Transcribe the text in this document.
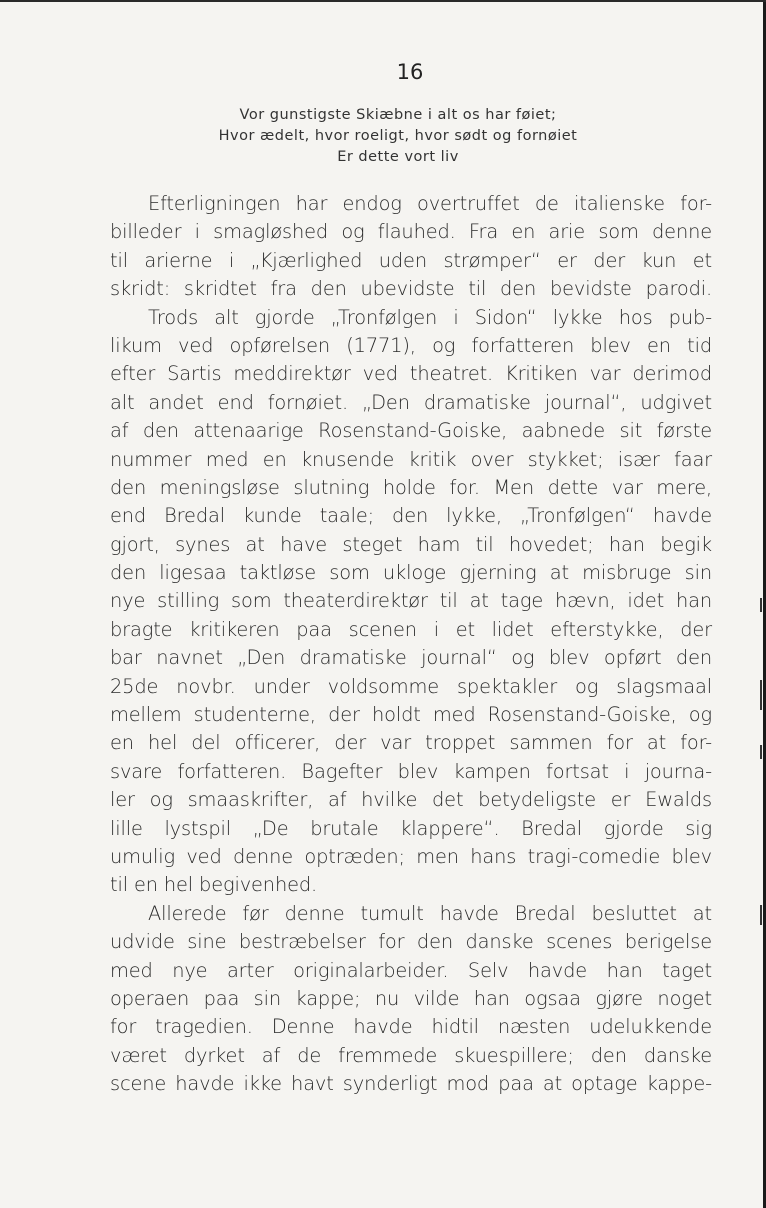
16
Vor gunstigste Skiæbne i alt os har føiet;
Hvor ædelt, hvor roeligt, hvor sødt og fornøiet
Er dette vort liv
Efterligningen har endog overtruffet de italienske for-
billeder i smagløshed og flauhed. Fra en arie som denne
til arierne i „Kjærlighed uden strømper“ er der kun et
skridt: skridtet fra den ubevidste til den bevidste parodi.
Trods alt gjorde „Tronfølgen i Sidon“ lykke hos pub-
likum ved opførelsen (1771), og forfatteren blev en tid
efter Sartis meddirektør ved theatret. Kritiken var derimod
alt andet end fornøiet. „Den dramatiske journal“, udgivet
af den attenaarige Rosenstand-Goiske, aabnede sit første
nummer med en knusende kritik over stykket; især faar
den meningsløse slutning holde for. Men dette var mere,
end Bredal kunde taale; den lykke, „Tronfølgen“ havde
gjort, synes at have steget ham til hovedet; han begik
den ligesaa taktløse som ukloge gjerning at misbruge sin
nye stilling som theaterdirektør til at tage hævn, idet han
bragte kritikeren paa scenen i et lidet efterstykke, der
bar navnet „Den dramatiske journal“ og blev opført den
25de novbr. under voldsomme spektakler og slagsmaal
mellem studenterne, der holdt med Rosenstand-Goiske, og
en hel del officerer, der var troppet sammen for at for-
svare forfatteren. Bagefter blev kampen fortsat i journa-
ler og smaaskrifter, af hvilke det betydeligste er Ewalds
lille lystspil „De brutale klappere“. Bredal gjorde sig
umulig ved denne optræden; men hans tragi-comedie blev
til en hel begivenhed.
Allerede før denne tumult havde Bredal besluttet at
udvide sine bestræbelser for den danske scenes berigelse
med nye arter originalarbeider. Selv havde han taget
operaen paa sin kappe; nu vilde han ogsaa gjøre noget
for tragedien. Denne havde hidtil næsten udelukkende
været dyrket af de fremmede skuespillere; den danske
scene havde ikke havt synderligt mod paa at optage kappe-
